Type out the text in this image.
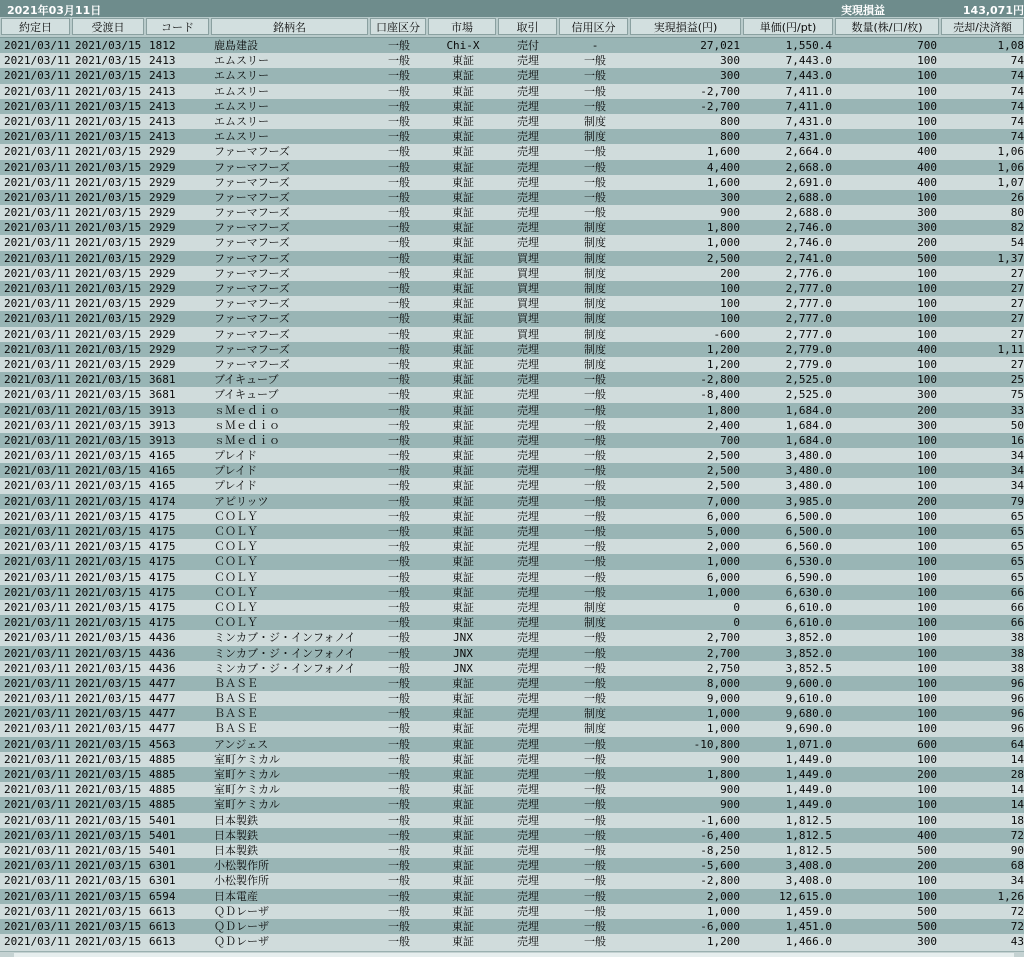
2021年03月11日	実現損益	143,071円
約定日	受渡日	コード	銘柄名	口座区分	市場	取引	信用区分	実現損益(円)	単価(円/pt)	数量(株/口/枚)	売却/決済額
2021/03/11 2021/03/15 1812	鹿島建設	一般	Chi-X	売付	-	27,021	1,550.4	700	1,08
2021/03/11 2021/03/15 2413	エムスリー	一般	東証	売埋	一般	300	7,443.0	100	74
2021/03/11 2021/03/15 2413	エムスリー	一般	東証	売埋	一般	300	7,443.0	100	74
2021/03/11 2021/03/15 2413	エムスリー	一般	東証	売埋	一般	-2,700	7,411.0	100	74
2021/03/11 2021/03/15 2413	エムスリー	一般	東証	売埋	一般	-2,700	7,411.0	100	74
2021/03/11 2021/03/15 2413	エムスリー	一般	東証	売埋	制度	800	7,431.0	100	74
2021/03/11 2021/03/15 2413	エムスリー	一般	東証	売埋	制度	800	7,431.0	100	74
2021/03/11 2021/03/15 2929	ファーマフーズ	一般	東証	売埋	一般	1,600	2,664.0	400	1,06
2021/03/11 2021/03/15 2929	ファーマフーズ	一般	東証	売埋	一般	4,400	2,668.0	400	1,06
2021/03/11 2021/03/15 2929	ファーマフーズ	一般	東証	売埋	一般	1,600	2,691.0	400	1,07
2021/03/11 2021/03/15 2929	ファーマフーズ	一般	東証	売埋	一般	300	2,688.0	100	26
2021/03/11 2021/03/15 2929	ファーマフーズ	一般	東証	売埋	一般	900	2,688.0	300	80
2021/03/11 2021/03/15 2929	ファーマフーズ	一般	東証	売埋	制度	1,800	2,746.0	300	82
2021/03/11 2021/03/15 2929	ファーマフーズ	一般	東証	売埋	制度	1,000	2,746.0	200	54
2021/03/11 2021/03/15 2929	ファーマフーズ	一般	東証	買埋	制度	2,500	2,741.0	500	1,37
2021/03/11 2021/03/15 2929	ファーマフーズ	一般	東証	買埋	制度	200	2,776.0	100	27
2021/03/11 2021/03/15 2929	ファーマフーズ	一般	東証	買埋	制度	100	2,777.0	100	27
2021/03/11 2021/03/15 2929	ファーマフーズ	一般	東証	買埋	制度	100	2,777.0	100	27
2021/03/11 2021/03/15 2929	ファーマフーズ	一般	東証	買埋	制度	100	2,777.0	100	27
2021/03/11 2021/03/15 2929	ファーマフーズ	一般	東証	買埋	制度	-600	2,777.0	100	27
2021/03/11 2021/03/15 2929	ファーマフーズ	一般	東証	売埋	制度	1,200	2,779.0	400	1,11
2021/03/11 2021/03/15 2929	ファーマフーズ	一般	東証	売埋	制度	1,200	2,779.0	100	27
2021/03/11 2021/03/15 3681	ブイキューブ	一般	東証	売埋	一般	-2,800	2,525.0	100	25
2021/03/11 2021/03/15 3681	ブイキューブ	一般	東証	売埋	一般	-8,400	2,525.0	300	75
2021/03/11 2021/03/15 3913	ｓＭｅｄｉｏ	一般	東証	売埋	一般	1,800	1,684.0	200	33
2021/03/11 2021/03/15 3913	ｓＭｅｄｉｏ	一般	東証	売埋	一般	2,400	1,684.0	300	50
2021/03/11 2021/03/15 3913	ｓＭｅｄｉｏ	一般	東証	売埋	一般	700	1,684.0	100	16
2021/03/11 2021/03/15 4165	プレイド	一般	東証	売埋	一般	2,500	3,480.0	100	34
2021/03/11 2021/03/15 4165	プレイド	一般	東証	売埋	一般	2,500	3,480.0	100	34
2021/03/11 2021/03/15 4165	プレイド	一般	東証	売埋	一般	2,500	3,480.0	100	34
2021/03/11 2021/03/15 4174	アピリッツ	一般	東証	売埋	一般	7,000	3,985.0	200	79
2021/03/11 2021/03/15 4175	ＣＯＬＹ	一般	東証	売埋	一般	6,000	6,500.0	100	65
2021/03/11 2021/03/15 4175	ＣＯＬＹ	一般	東証	売埋	一般	5,000	6,500.0	100	65
2021/03/11 2021/03/15 4175	ＣＯＬＹ	一般	東証	売埋	一般	2,000	6,560.0	100	65
2021/03/11 2021/03/15 4175	ＣＯＬＹ	一般	東証	売埋	一般	1,000	6,530.0	100	65
2021/03/11 2021/03/15 4175	ＣＯＬＹ	一般	東証	売埋	一般	6,000	6,590.0	100	65
2021/03/11 2021/03/15 4175	ＣＯＬＹ	一般	東証	売埋	一般	1,000	6,630.0	100	66
2021/03/11 2021/03/15 4175	ＣＯＬＹ	一般	東証	売埋	制度	0	6,610.0	100	66
2021/03/11 2021/03/15 4175	ＣＯＬＹ	一般	東証	売埋	制度	0	6,610.0	100	66
2021/03/11 2021/03/15 4436	ミンカブ・ジ・インフォノイ	一般	JNX	売埋	一般	2,700	3,852.0	100	38
2021/03/11 2021/03/15 4436	ミンカブ・ジ・インフォノイ	一般	JNX	売埋	一般	2,700	3,852.0	100	38
2021/03/11 2021/03/15 4436	ミンカブ・ジ・インフォノイ	一般	JNX	売埋	一般	2,750	3,852.5	100	38
2021/03/11 2021/03/15 4477	ＢＡＳＥ	一般	東証	売埋	一般	8,000	9,600.0	100	96
2021/03/11 2021/03/15 4477	ＢＡＳＥ	一般	東証	売埋	一般	9,000	9,610.0	100	96
2021/03/11 2021/03/15 4477	ＢＡＳＥ	一般	東証	売埋	制度	1,000	9,680.0	100	96
2021/03/11 2021/03/15 4477	ＢＡＳＥ	一般	東証	売埋	制度	1,000	9,690.0	100	96
2021/03/11 2021/03/15 4563	アンジェス	一般	東証	売埋	一般	-10,800	1,071.0	600	64
2021/03/11 2021/03/15 4885	室町ケミカル	一般	東証	売埋	一般	900	1,449.0	100	14
2021/03/11 2021/03/15 4885	室町ケミカル	一般	東証	売埋	一般	1,800	1,449.0	200	28
2021/03/11 2021/03/15 4885	室町ケミカル	一般	東証	売埋	一般	900	1,449.0	100	14
2021/03/11 2021/03/15 4885	室町ケミカル	一般	東証	売埋	一般	900	1,449.0	100	14
2021/03/11 2021/03/15 5401	日本製鉄	一般	東証	売埋	一般	-1,600	1,812.5	100	18
2021/03/11 2021/03/15 5401	日本製鉄	一般	東証	売埋	一般	-6,400	1,812.5	400	72
2021/03/11 2021/03/15 5401	日本製鉄	一般	東証	売埋	一般	-8,250	1,812.5	500	90
2021/03/11 2021/03/15 6301	小松製作所	一般	東証	売埋	一般	-5,600	3,408.0	200	68
2021/03/11 2021/03/15 6301	小松製作所	一般	東証	売埋	一般	-2,800	3,408.0	100	34
2021/03/11 2021/03/15 6594	日本電産	一般	東証	売埋	一般	2,000	12,615.0	100	1,26
2021/03/11 2021/03/15 6613	ＱＤレーザ	一般	東証	売埋	一般	1,000	1,459.0	500	72
2021/03/11 2021/03/15 6613	ＱＤレーザ	一般	東証	売埋	一般	-6,000	1,451.0	500	72
2021/03/11 2021/03/15 6613	ＱＤレーザ	一般	東証	売埋	一般	1,200	1,466.0	300	43
